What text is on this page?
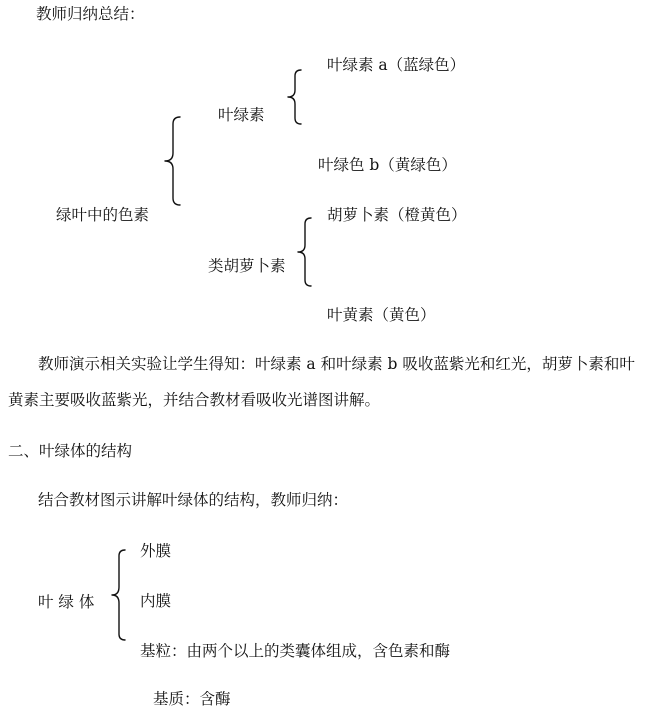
教师归纳总结：
绿叶中的色素
叶绿素
叶绿素 a（蓝绿色）
叶绿色 b（黄绿色）
类胡萝卜素
胡萝卜素（橙黄色）
叶黄素（黄色）
教师演示相关实验让学生得知：叶绿素 a 和叶绿素 b 吸收蓝紫光和红光，胡萝卜素和叶黄素主要吸收蓝紫光，并结合教材看吸收光谱图讲解。
二、叶绿体的结构
结合教材图示讲解叶绿体的结构，教师归纳：
叶 绿 体
外膜
内膜
基粒：由两个以上的类囊体组成，含色素和酶
基质：含酶
